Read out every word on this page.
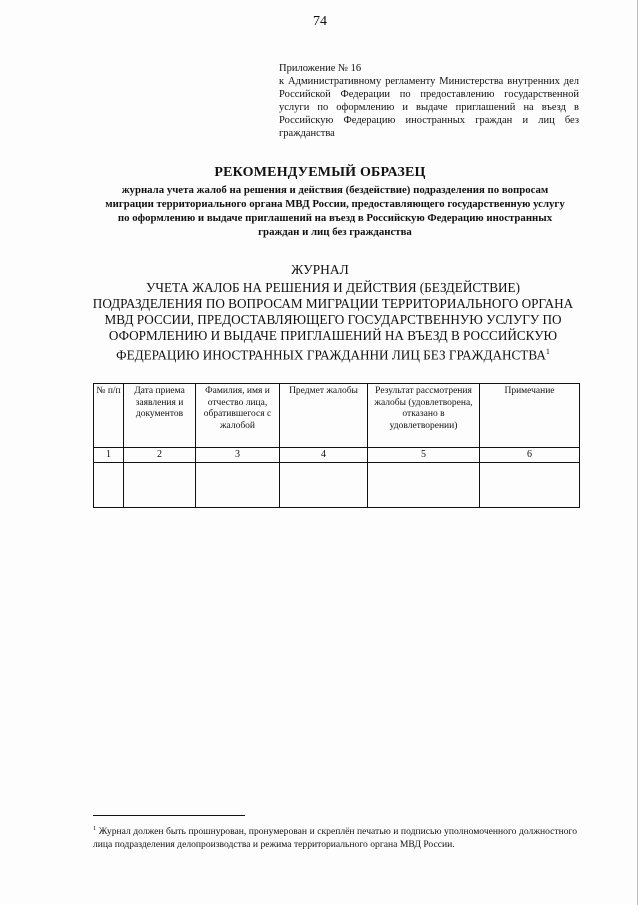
74
Приложение № 16
к Административному регламенту Министерства внутренних дел Российской Федерации по предоставлению государственной услуги по оформлению и выдаче приглашений на въезд в Российскую Федерацию иностранных граждан и лиц без гражданства
РЕКОМЕНДУЕМЫЙ ОБРАЗЕЦ
журнала учета жалоб на решения и действия (бездействие) подразделения по вопросам миграции территориального органа МВД России, предоставляющего государственную услугу по оформлению и выдаче приглашений на въезд в Российскую Федерацию иностранных граждан и лиц без гражданства
ЖУРНАЛ
УЧЕТА ЖАЛОБ НА РЕШЕНИЯ И ДЕЙСТВИЯ (БЕЗДЕЙСТВИЕ) ПОДРАЗДЕЛЕНИЯ ПО ВОПРОСАМ МИГРАЦИИ ТЕРРИТОРИАЛЬНОГО ОРГАНА МВД РОССИИ, ПРЕДОСТАВЛЯЮЩЕГО ГОСУДАРСТВЕННУЮ УСЛУГУ ПО ОФОРМЛЕНИЮ И ВЫДАЧЕ ПРИГЛАШЕНИЙ НА ВЪЕЗД В РОССИЙСКУЮ ФЕДЕРАЦИЮ ИНОСТРАННЫХ ГРАЖДАННИ ЛИЦ БЕЗ ГРАЖДАНСТВА$^1$
№ п/п	Дата приема заявления и документов	Фамилия, имя и отчество лица, обратившегося с жалобой	Предмет жалобы	Результат рассмотрения жалобы (удовлетворена, отказано в удовлетворении)	Примечание
1	2	3	4	5	6

$^1$ Журнал должен быть прошнурован, пронумерован и скреплён печатью и подписью уполномоченного должностного лица подразделения делопроизводства и режима территориального органа МВД России.
